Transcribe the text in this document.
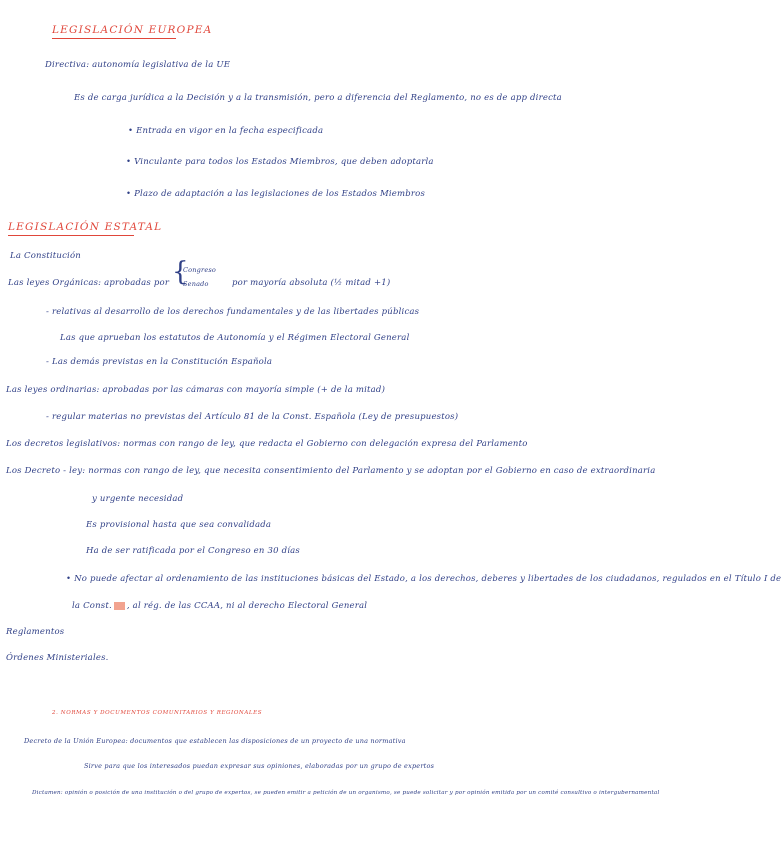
LEGISLACIÓN EUROPEA
Directiva: autonomía legislativa de la UE
Es de carga jurídica a la Decisión y a la transmisión, pero a diferencia del Reglamento, no es de app directa
• Entrada en vigor en la fecha especificada
• Vinculante para todos los Estados Miembros, que deben adoptarla
• Plazo de adaptación a las legislaciones de los Estados Miembros
LEGISLACIÓN ESTATAL
La Constitución
Las leyes Orgánicas: aprobadas por {
Congreso
Senado	por mayoría absoluta (½ mitad +1)
- relativas al desarrollo de los derechos fundamentales y de las libertades públicas
Las que aprueban los estatutos de Autonomía y el Régimen Electoral General
- Las demás previstas en la Constitución Española
Las leyes ordinarias: aprobadas por las cámaras con mayoría simple (+ de la mitad)
- regular materias no previstas del Artículo 81 de la Const. Española (Ley de presupuestos)
Los decretos legislativos: normas con rango de ley, que redacta el Gobierno con delegación expresa del Parlamento
Los Decreto - ley: normas con rango de ley, que necesita consentimiento del Parlamento y se adoptan por el Gobierno en caso de extraordinaria
y urgente necesidad
Es provisional hasta que sea convalidada
Ha de ser ratificada por el Congreso en 30 días
• No puede afectar al ordenamiento de las instituciones básicas del Estado, a los derechos, deberes y libertades de los ciudadanos, regulados en el Título I de
la Const. , al rég. de las CCAA, ni al derecho Electoral General
Reglamentos
Órdenes Ministeriales.
2. NORMAS Y DOCUMENTOS COMUNITARIOS Y REGIONALES
Decreto de la Unión Europea: documentos que establecen las disposiciones de un proyecto de una normativa
Sirve para que los interesados puedan expresar sus opiniones, elaboradas por un grupo de expertos
Dictamen: opinión o posición de una institución o del grupo de expertos, se pueden emitir a petición de un organismo, se puede solicitar y por opinión emitida por un comité consultivo o intergubernamental
